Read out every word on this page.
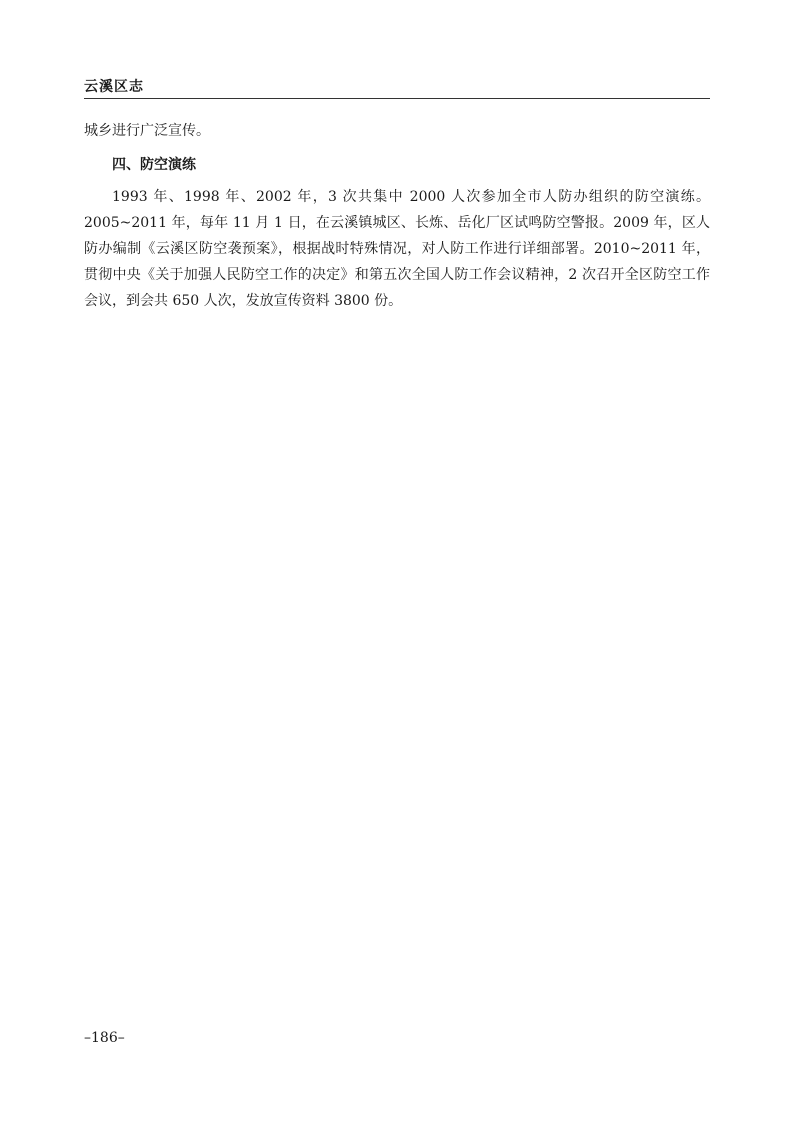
云溪区志

城乡进行广泛宣传。

四、防空演练

1993 年、1998 年、2002 年，3 次共集中 2000 人次参加全市人防办组织的防空演练。2005~2011 年，每年 11 月 1 日，在云溪镇城区、长炼、岳化厂区试鸣防空警报。2009 年，区人防办编制《云溪区防空袭预案》，根据战时特殊情况，对人防工作进行详细部署。2010~2011 年，贯彻中央《关于加强人民防空工作的决定》和第五次全国人防工作会议精神，2 次召开全区防空工作会议，到会共 650 人次，发放宣传资料 3800 份。

–186–
